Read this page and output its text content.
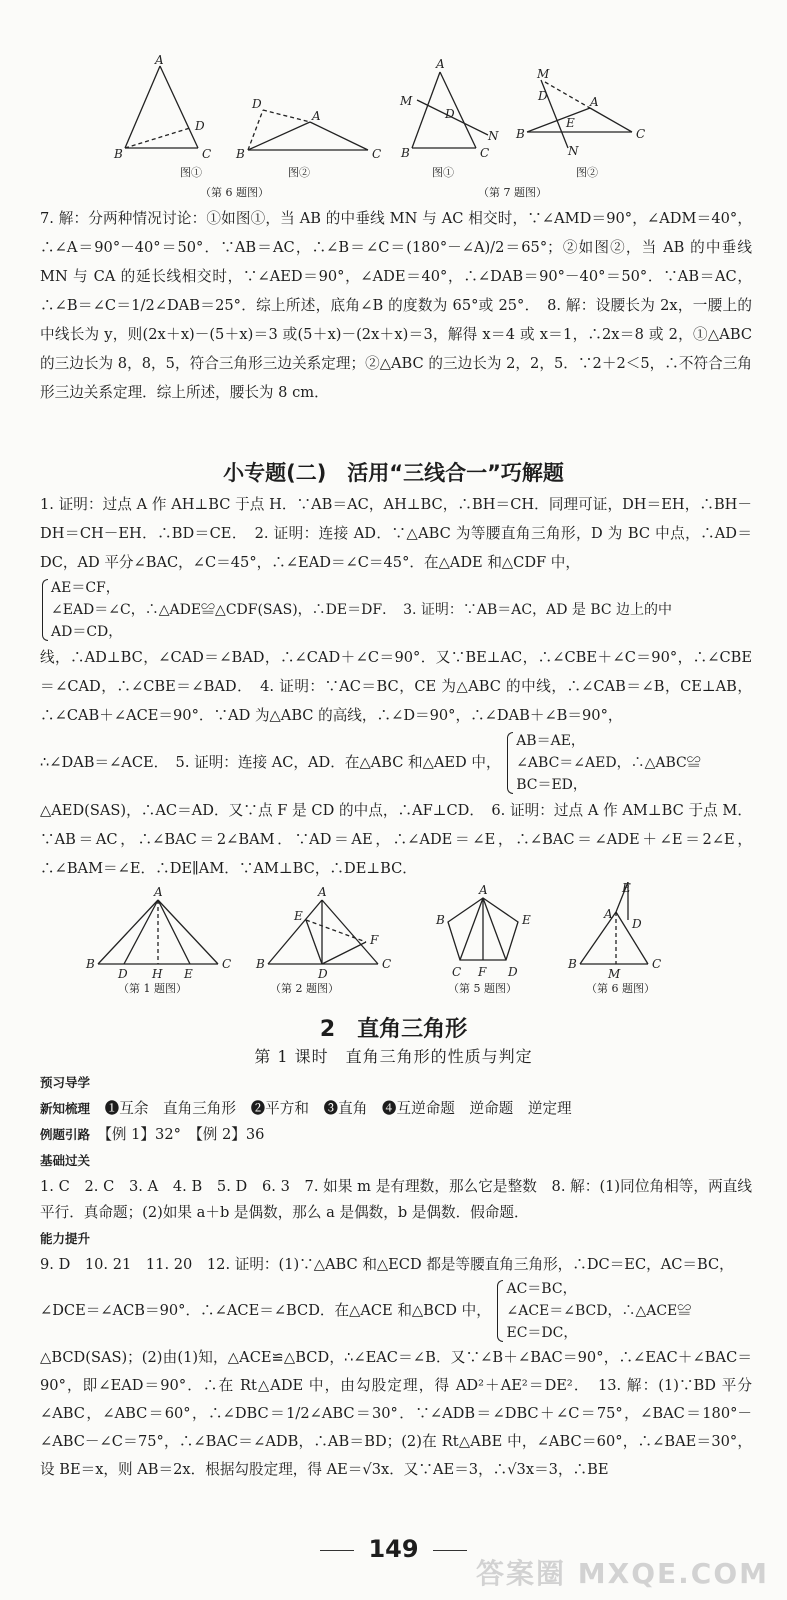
A
B	C
D
D
A
B	C
A
M
D
N
B	C
M
D	A
E
B	C
N
图①	图②	图①	图②
（第 6 题图）	（第 7 题图）

7. 解：分两种情况讨论：①如图①，当 AB 的中垂线 MN 与 AC 相交时，∵∠AMD＝90°，∠ADM＝40°，∴∠A＝90°－40°＝50°．∵AB＝AC，∴∠B＝∠C＝(180°－∠A)/2＝65°；②如图②，当 AB 的中垂线 MN 与 CA 的延长线相交时，∵∠AED＝90°，∠ADE＝40°，∴∠DAB＝90°－40°＝50°．∵AB＝AC，∴∠B＝∠C＝1/2∠DAB＝25°．综上所述，底角∠B 的度数为 65°或 25°．　8. 解：设腰长为 2x，一腰上的中线长为 y，则(2x＋x)－(5＋x)＝3 或(5＋x)－(2x＋x)＝3，解得 x＝4 或 x＝1，∴2x＝8 或 2，①△ABC 的三边长为 8，8，5，符合三角形三边关系定理；②△ABC 的三边长为 2，2，5．∵2＋2＜5，∴不符合三角形三边关系定理．综上所述，腰长为 8 cm．

小专题(二)　活用“三线合一”巧解题

1. 证明：过点 A 作 AH⊥BC 于点 H．∵AB＝AC，AH⊥BC，∴BH＝CH．同理可证，DH＝EH，∴BH－DH＝CH－EH．∴BD＝CE．　2. 证明：连接 AD．∵△ABC 为等腰直角三角形，D 为 BC 中点，∴AD＝DC，AD 平分∠BAC，∠C＝45°，∴∠EAD＝∠C＝45°．在△ADE 和△CDF 中，

AE＝CF，
∠EAD＝∠C，∴△ADE≌△CDF(SAS)，∴DE＝DF．　3. 证明：∵AB＝AC，AD 是 BC 边上的中
AD＝CD，

线，∴AD⊥BC，∠CAD＝∠BAD，∴∠CAD＋∠C＝90°．又∵BE⊥AC，∴∠CBE＋∠C＝90°，∴∠CBE＝∠CAD，∴∠CBE＝∠BAD．　4. 证明：∵AC＝BC，CE 为△ABC 的中线，∴∠CAB＝∠B，CE⊥AB，∴∠CAB＋∠ACE＝90°．∵AD 为△ABC 的高线，∴∠D＝90°，∴∠DAB＋∠B＝90°，

∴∠DAB＝∠ACE．　5. 证明：连接 AC，AD．在△ABC 和△AED 中， AB＝AE，
∠ABC＝∠AED，∴△ABC≌
BC＝ED，

△AED(SAS)，∴AC＝AD．又∵点 F 是 CD 的中点，∴AF⊥CD．　6. 证明：过点 A 作 AM⊥BC 于点 M．∵AB＝AC，∴∠BAC＝2∠BAM．∵AD＝AE，∴∠ADE＝∠E，∴∠BAC＝∠ADE＋∠E＝2∠E，∴∠BAM＝∠E．∴DE∥AM．∵AM⊥BC，∴DE⊥BC．

A
B	C
D H E
（第 1 题图）
A
E
F
B	C
D
（第 2 题图）
A
B	E
C F D
（第 5 题图）
E
A
D
B	C
M
（第 6 题图）
2　直角三角形
第 1 课时　直角三角形的性质与判定

预习导学

新知梳理　 ❶互余　直角三角形　❷平方和　❸直角　❹互逆命题　逆命题　逆定理

例题引路　 【例 1】32°　【例 2】36

基础过关

1. C　2. C　3. A　4. B　5. D　6. 3　7. 如果 m 是有理数，那么它是整数　8. 解：(1)同位角相等，两直线平行．真命题；(2)如果 a＋b 是偶数，那么 a 是偶数，b 是偶数．假命题．

能力提升

9. D　10. 21　11. 20　12. 证明：(1)∵△ABC 和△ECD 都是等腰直角三角形，∴DC＝EC，AC＝BC，

∠DCE＝∠ACB＝90°．∴∠ACE＝∠BCD．在△ACE 和△BCD 中， AC＝BC，
∠ACE＝∠BCD，∴△ACE≌
EC＝DC，

△BCD(SAS)；(2)由(1)知，△ACE≌△BCD，∴∠EAC＝∠B．又∵∠B＋∠BAC＝90°，∴∠EAC＋∠BAC＝90°，即∠EAD＝90°．∴在 Rt△ADE 中，由勾股定理，得 AD²＋AE²＝DE²．　13. 解：(1)∵BD 平分∠ABC，∠ABC＝60°，∴∠DBC＝1/2∠ABC＝30°．∵∠ADB＝∠DBC＋∠C＝75°，∠BAC＝180°－∠ABC－∠C＝75°，∴∠BAC＝∠ADB，∴AB＝BD；(2)在 Rt△ABE 中，∠ABC＝60°，∴∠BAE＝30°，设 BE＝x，则 AB＝2x．根据勾股定理，得 AE＝√3x．又∵AE＝3，∴√3x＝3，∴BE

149
答案圈 MXQE.COM
